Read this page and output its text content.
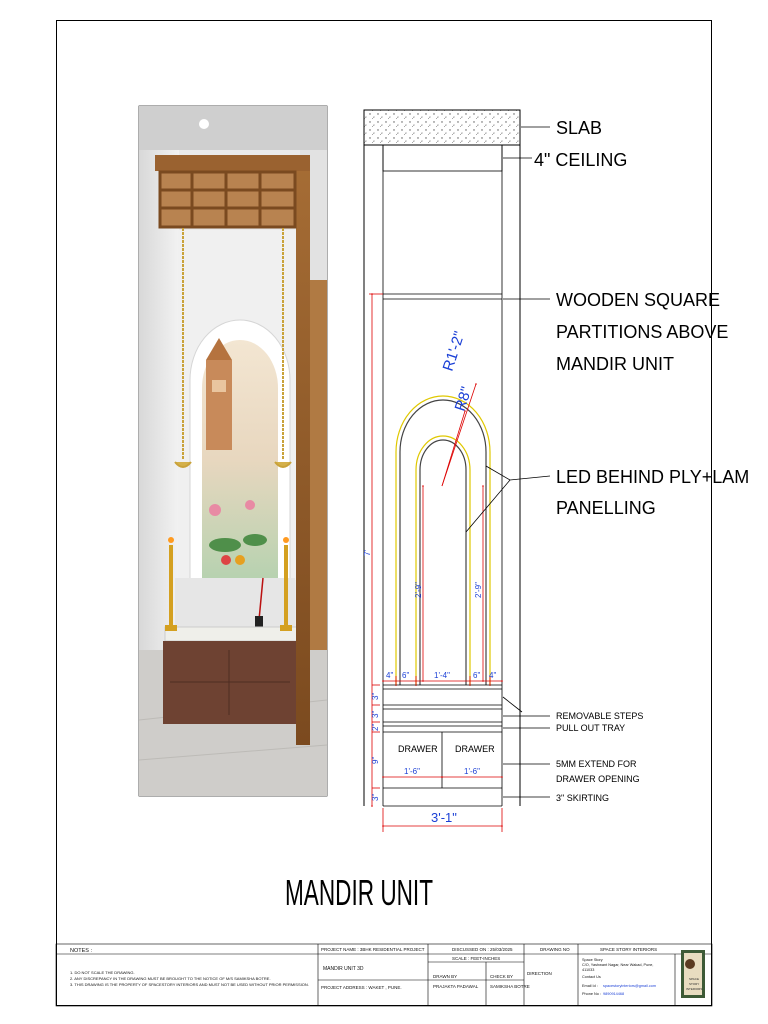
SLAB
4" CEILING
WOODEN SQUARE
PARTITIONS ABOVE
MANDIR UNIT
LED BEHIND PLY+LAM
PANELLING
REMOVABLE STEPS
PULL OUT TRAY
5MM EXTEND FOR
DRAWER OPENING
3" SKIRTING
DRAWER DRAWER
MANDIR UNIT
R1'-2"
R8"
7'
2'-9"	2'-9"
4" 6"	1'-4"	6" 4"
3"
3"
2"
9"
3"
1'-6"	1'-6"
3'-1"
SPACE
STORY
INTERIORS
NOTES :
1. DO NOT SCALE THE DRAWING.
2. ANY DISCREPANCY IN THE DRAWING MUST BE BROUGHT TO THE NOTICE OF M/S SAMIKSHA BOTRE.
3. THIS DRAWING IS THE PROPERTY OF SPACESTORY INTERIORS AND MUST NOT BE USED WITHOUT PRIOR PERMISSION.
PROJECT NAME : 3BHK RESIDENTIAL PROJECT
MANDIR UNIT 3D
PROJECT ADDRESS : WAKET , PUNE.
DISCUSSED ON : 25/03/2025
SCALE : FEET-INCHES
DRAWN BY
PRAJAKTA PADAWAL
CHECK BY
SAMIKSHA BOTRE
DIRECTION
DRAWING NO	SPACE STORY INTERIORS
Space Story
C/O, Yashwant Nagar, Near Wakad, Pune,
411033
Contact Us
Email Id : spacestoryinteriors@gmail.com
Phone No : 9890914468
